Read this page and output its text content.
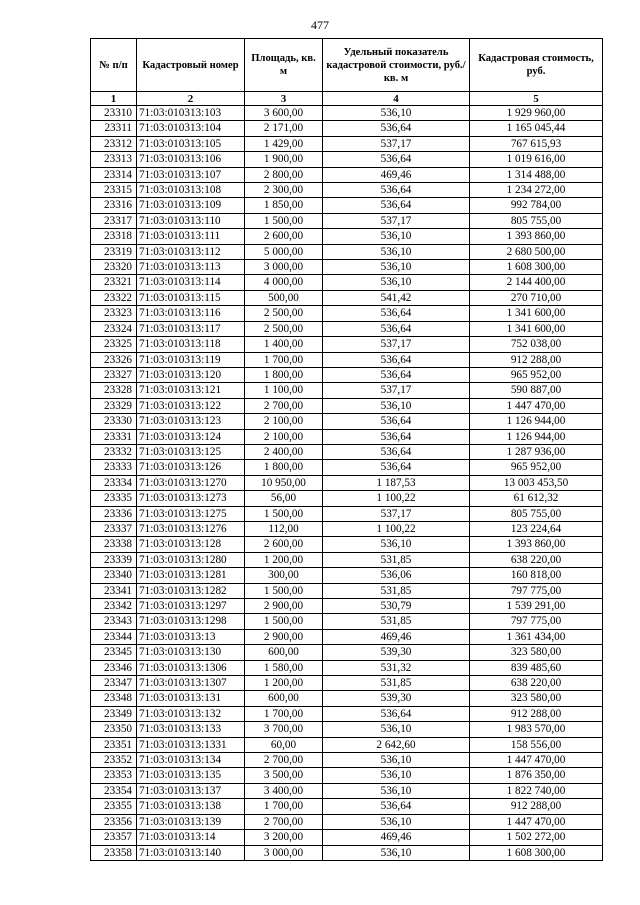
477
№ п/п	Кадастровый номер	Площадь, кв. м	Удельный показатель кадастровой стоимости, руб./кв. м	Кадастровая стоимость, руб.
1	2	3	4	5
23310	71:03:010313:103	3 600,00	536,10	1 929 960,00
23311	71:03:010313:104	2 171,00	536,64	1 165 045,44
23312	71:03:010313:105	1 429,00	537,17	767 615,93
23313	71:03:010313:106	1 900,00	536,64	1 019 616,00
23314	71:03:010313:107	2 800,00	469,46	1 314 488,00
23315	71:03:010313:108	2 300,00	536,64	1 234 272,00
23316	71:03:010313:109	1 850,00	536,64	992 784,00
23317	71:03:010313:110	1 500,00	537,17	805 755,00
23318	71:03:010313:111	2 600,00	536,10	1 393 860,00
23319	71:03:010313:112	5 000,00	536,10	2 680 500,00
23320	71:03:010313:113	3 000,00	536,10	1 608 300,00
23321	71:03:010313:114	4 000,00	536,10	2 144 400,00
23322	71:03:010313:115	500,00	541,42	270 710,00
23323	71:03:010313:116	2 500,00	536,64	1 341 600,00
23324	71:03:010313:117	2 500,00	536,64	1 341 600,00
23325	71:03:010313:118	1 400,00	537,17	752 038,00
23326	71:03:010313:119	1 700,00	536,64	912 288,00
23327	71:03:010313:120	1 800,00	536,64	965 952,00
23328	71:03:010313:121	1 100,00	537,17	590 887,00
23329	71:03:010313:122	2 700,00	536,10	1 447 470,00
23330	71:03:010313:123	2 100,00	536,64	1 126 944,00
23331	71:03:010313:124	2 100,00	536,64	1 126 944,00
23332	71:03:010313:125	2 400,00	536,64	1 287 936,00
23333	71:03:010313:126	1 800,00	536,64	965 952,00
23334	71:03:010313:1270	10 950,00	1 187,53	13 003 453,50
23335	71:03:010313:1273	56,00	1 100,22	61 612,32
23336	71:03:010313:1275	1 500,00	537,17	805 755,00
23337	71:03:010313:1276	112,00	1 100,22	123 224,64
23338	71:03:010313:128	2 600,00	536,10	1 393 860,00
23339	71:03:010313:1280	1 200,00	531,85	638 220,00
23340	71:03:010313:1281	300,00	536,06	160 818,00
23341	71:03:010313:1282	1 500,00	531,85	797 775,00
23342	71:03:010313:1297	2 900,00	530,79	1 539 291,00
23343	71:03:010313:1298	1 500,00	531,85	797 775,00
23344	71:03:010313:13	2 900,00	469,46	1 361 434,00
23345	71:03:010313:130	600,00	539,30	323 580,00
23346	71:03:010313:1306	1 580,00	531,32	839 485,60
23347	71:03:010313:1307	1 200,00	531,85	638 220,00
23348	71:03:010313:131	600,00	539,30	323 580,00
23349	71:03:010313:132	1 700,00	536,64	912 288,00
23350	71:03:010313:133	3 700,00	536,10	1 983 570,00
23351	71:03:010313:1331	60,00	2 642,60	158 556,00
23352	71:03:010313:134	2 700,00	536,10	1 447 470,00
23353	71:03:010313:135	3 500,00	536,10	1 876 350,00
23354	71:03:010313:137	3 400,00	536,10	1 822 740,00
23355	71:03:010313:138	1 700,00	536,64	912 288,00
23356	71:03:010313:139	2 700,00	536,10	1 447 470,00
23357	71:03:010313:14	3 200,00	469,46	1 502 272,00
23358	71:03:010313:140	3 000,00	536,10	1 608 300,00
